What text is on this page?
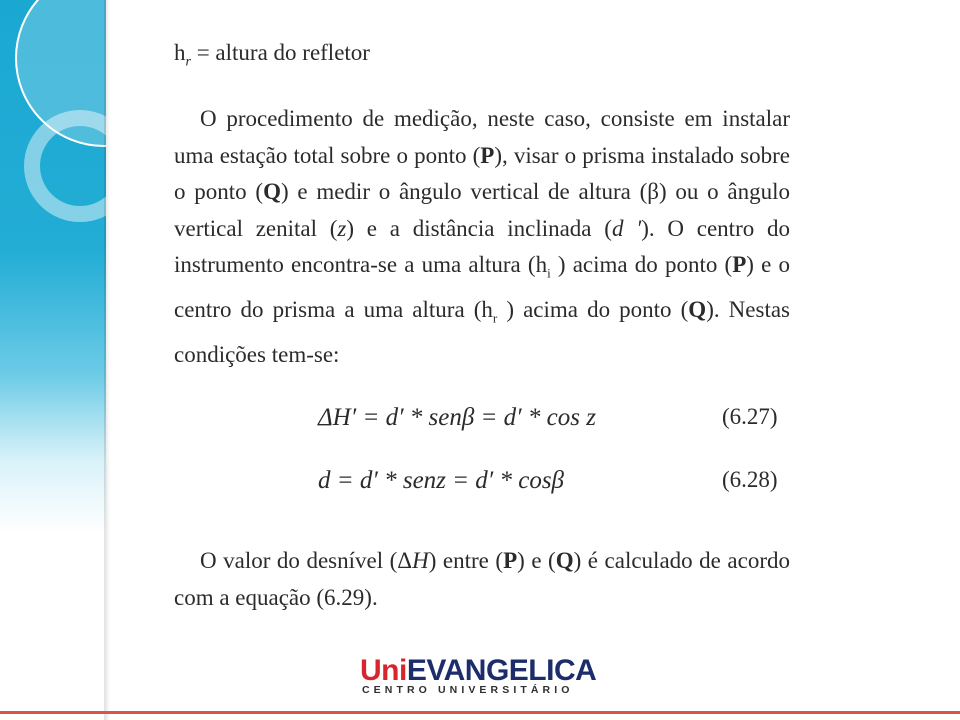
$h_r$ = altura do refletor

O procedimento de medição, neste caso, consiste em instalar uma estação total sobre o ponto (P), visar o prisma instalado sobre o ponto (Q) e medir o ângulo vertical de altura (β) ou o ângulo vertical zenital (z) e a distância inclinada (d ′). O centro do instrumento encontra-se a uma altura ($h_i$ ) acima do ponto (P) e o centro do prisma a uma altura ($h_r$ ) acima do ponto (Q). Nestas condições tem-se:

ΔH′ = d′ * senβ = d′ * cos z	(6.27)
d = d′ * senz = d′ * cosβ	(6.28)

O valor do desnível (ΔH) entre (P) e (Q) é calculado de acordo com a equação (6.29).

UniEVANGELICA
CENTRO UNIVERSITÁRIO
